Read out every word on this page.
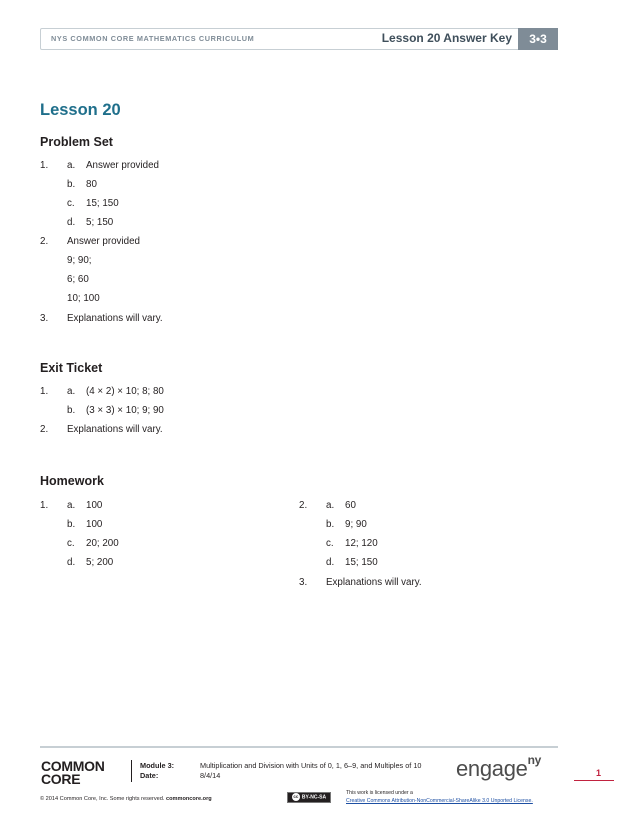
NYS COMMON CORE MATHEMATICS CURRICULUM	Lesson 20 Answer Key	3•3
Lesson 20
Problem Set
1. a. Answer provided
b. 80
c. 15; 150
d. 5; 150
2. Answer provided
9; 90;
6; 60
10; 100
3. Explanations will vary.
Exit Ticket
1. a. (4 × 2) × 10; 8; 80
b. (3 × 3) × 10; 9; 90
2. Explanations will vary.
Homework
1. a. 100
b. 100
c. 20; 200
d. 5; 200
2. a. 60
b. 9; 90
c. 12; 120
d. 15; 150
3. Explanations will vary.
COMMON
CORE
Module 3:	Multiplication and Division with Units of 0, 1, 6–9, and Multiples of 10
Date:	8/4/14	engage$^{ny}$
1
© 2014 Common Core, Inc. Some rights reserved. commoncore.org	cc BY-NC-SA
This work is licensed under a
Creative Commons Attribution-NonCommercial-ShareAlike 3.0 Unported License.
